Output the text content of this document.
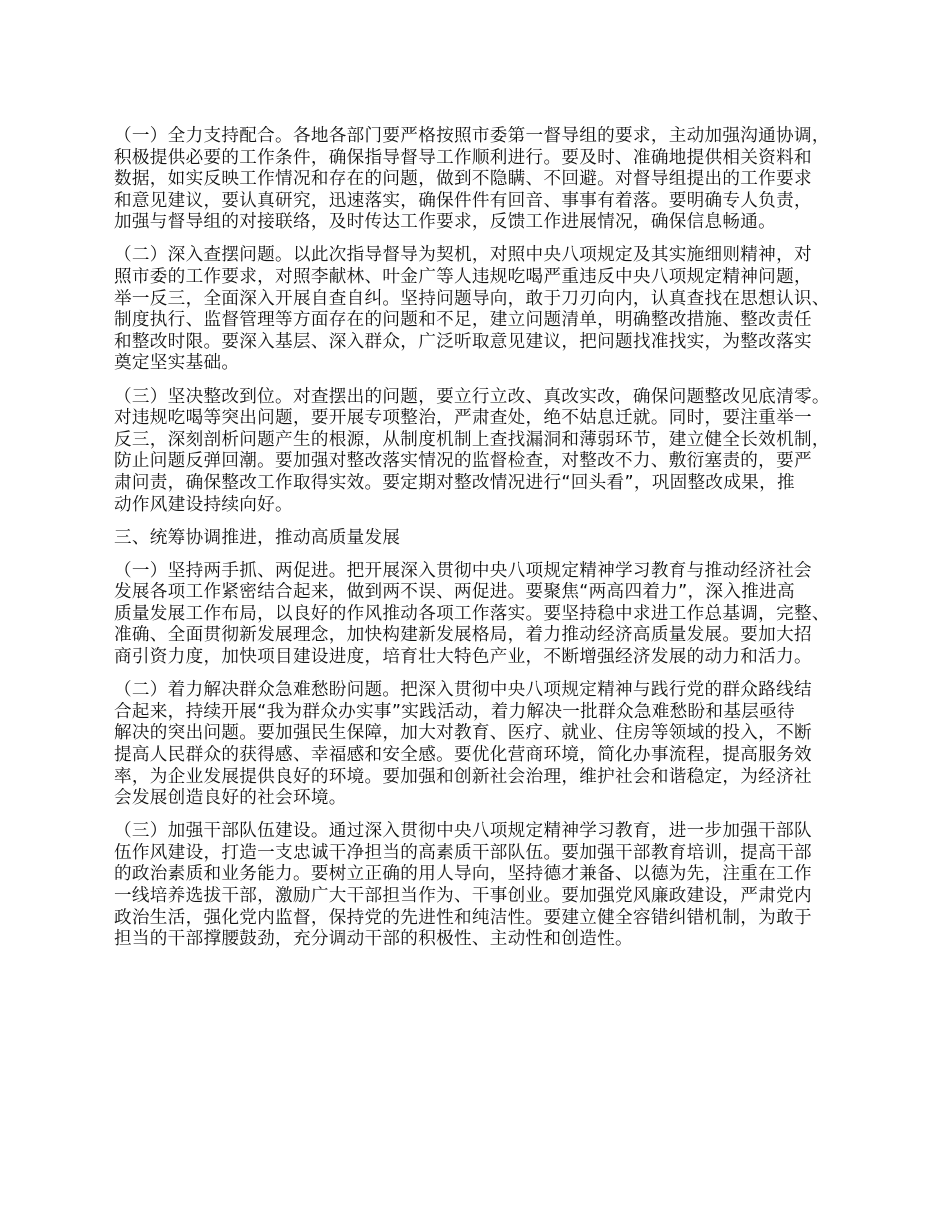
（一）全力支持配合。各地各部门要严格按照市委第一督导组的要求，主动加强沟通协调，
积极提供必要的工作条件，确保指导督导工作顺利进行。要及时、准确地提供相关资料和
数据，如实反映工作情况和存在的问题，做到不隐瞒、不回避。对督导组提出的工作要求
和意见建议，要认真研究，迅速落实，确保件件有回音、事事有着落。要明确专人负责，
加强与督导组的对接联络，及时传达工作要求，反馈工作进展情况，确保信息畅通。
（二）深入查摆问题。以此次指导督导为契机，对照中央八项规定及其实施细则精神，对
照市委的工作要求，对照李献林、叶金广等人违规吃喝严重违反中央八项规定精神问题，
举一反三，全面深入开展自查自纠。坚持问题导向，敢于刀刃向内，认真查找在思想认识、
制度执行、监督管理等方面存在的问题和不足，建立问题清单，明确整改措施、整改责任
和整改时限。要深入基层、深入群众，广泛听取意见建议，把问题找准找实，为整改落实
奠定坚实基础。
（三）坚决整改到位。对查摆出的问题，要立行立改、真改实改，确保问题整改见底清零。
对违规吃喝等突出问题，要开展专项整治，严肃查处，绝不姑息迁就。同时，要注重举一
反三，深刻剖析问题产生的根源，从制度机制上查找漏洞和薄弱环节，建立健全长效机制，
防止问题反弹回潮。要加强对整改落实情况的监督检查，对整改不力、敷衍塞责的，要严
肃问责，确保整改工作取得实效。要定期对整改情况进行“回头看”，巩固整改成果，推
动作风建设持续向好。
三、统筹协调推进，推动高质量发展
（一）坚持两手抓、两促进。把开展深入贯彻中央八项规定精神学习教育与推动经济社会
发展各项工作紧密结合起来，做到两不误、两促进。要聚焦“两高四着力”，深入推进高
质量发展工作布局，以良好的作风推动各项工作落实。要坚持稳中求进工作总基调，完整、
准确、全面贯彻新发展理念，加快构建新发展格局，着力推动经济高质量发展。要加大招
商引资力度，加快项目建设进度，培育壮大特色产业，不断增强经济发展的动力和活力。
（二）着力解决群众急难愁盼问题。把深入贯彻中央八项规定精神与践行党的群众路线结
合起来，持续开展“我为群众办实事”实践活动，着力解决一批群众急难愁盼和基层亟待
解决的突出问题。要加强民生保障，加大对教育、医疗、就业、住房等领域的投入，不断
提高人民群众的获得感、幸福感和安全感。要优化营商环境，简化办事流程，提高服务效
率，为企业发展提供良好的环境。要加强和创新社会治理，维护社会和谐稳定，为经济社
会发展创造良好的社会环境。
（三）加强干部队伍建设。通过深入贯彻中央八项规定精神学习教育，进一步加强干部队
伍作风建设，打造一支忠诚干净担当的高素质干部队伍。要加强干部教育培训，提高干部
的政治素质和业务能力。要树立正确的用人导向，坚持德才兼备、以德为先，注重在工作
一线培养选拔干部，激励广大干部担当作为、干事创业。要加强党风廉政建设，严肃党内
政治生活，强化党内监督，保持党的先进性和纯洁性。要建立健全容错纠错机制，为敢于
担当的干部撑腰鼓劲，充分调动干部的积极性、主动性和创造性。
